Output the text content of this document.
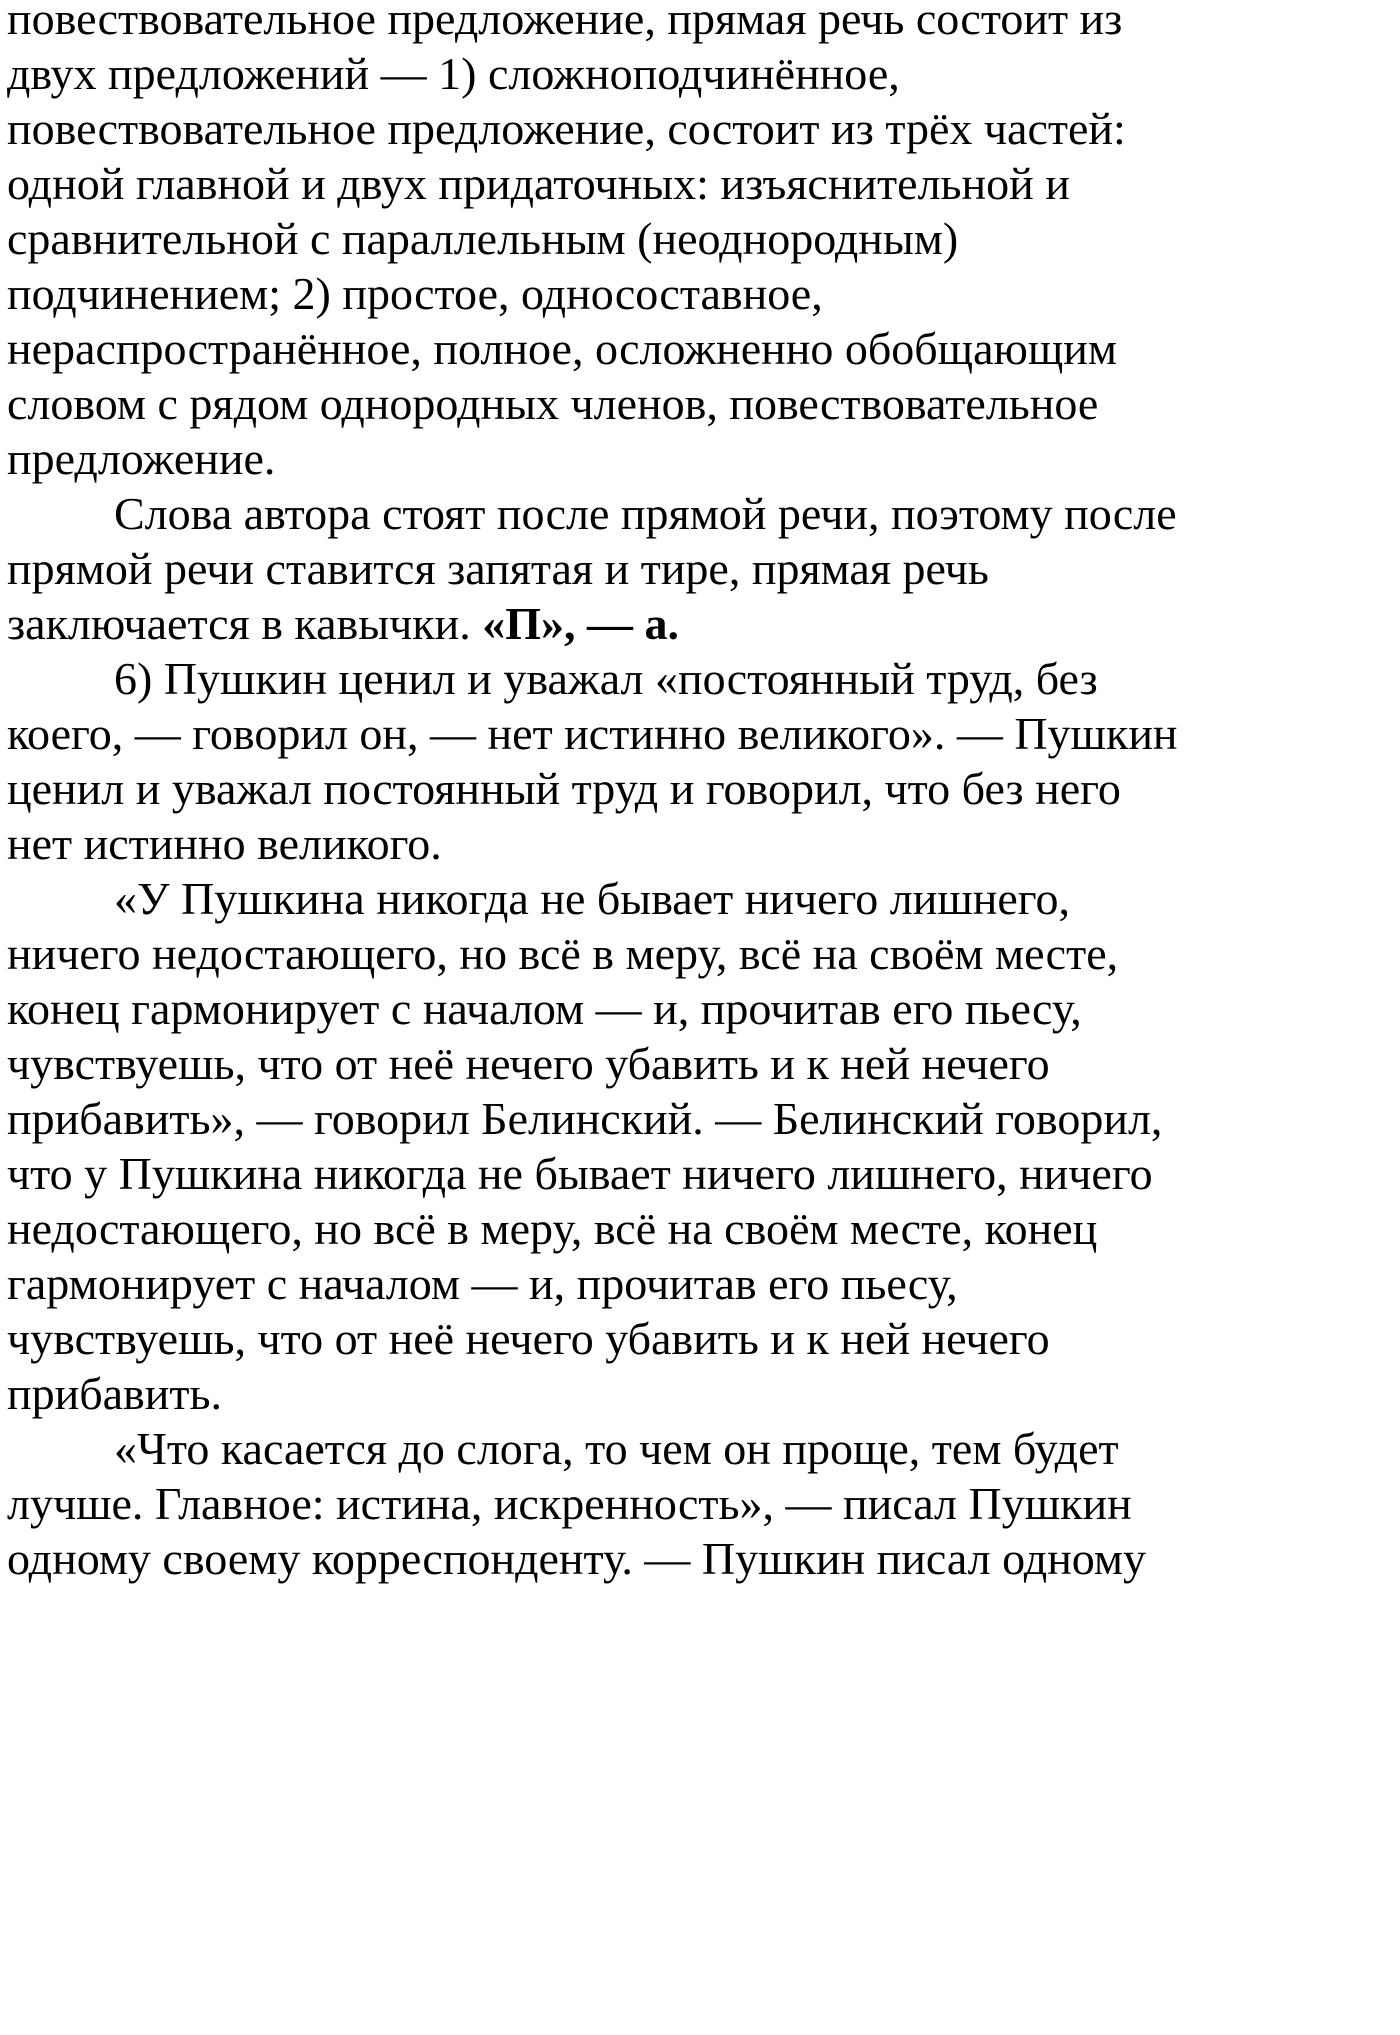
повествовательное предложение, прямая речь состоит из
двух предложений — 1) сложноподчинённое,
повествовательное предложение, состоит из трёх частей:
одной главной и двух придаточных: изъяснительной и
сравнительной с параллельным (неоднородным)
подчинением; 2) простое, односоставное,
нераспространённое, полное, осложненно обобщающим
словом с рядом однородных членов, повествовательное
предложение.
Слова автора стоят после прямой речи, поэтому после
прямой речи ставится запятая и тире, прямая речь
заключается в кавычки. «П», — а.
6) Пушкин ценил и уважал «постоянный труд, без
коего, — говорил он, — нет истинно великого». — Пушкин
ценил и уважал постоянный труд и говорил, что без него
нет истинно великого.
«У Пушкина никогда не бывает ничего лишнего,
ничего недостающего, но всё в меру, всё на своём месте,
конец гармонирует с началом — и, прочитав его пьесу,
чувствуешь, что от неё нечего убавить и к ней нечего
прибавить», — говорил Белинский. — Белинский говорил,
что у Пушкина никогда не бывает ничего лишнего, ничего
недостающего, но всё в меру, всё на своём месте, конец
гармонирует с началом — и, прочитав его пьесу,
чувствуешь, что от неё нечего убавить и к ней нечего
прибавить.
«Что касается до слога, то чем он проще, тем будет
лучше. Главное: истина, искренность», — писал Пушкин
одному своему корреспонденту. — Пушкин писал одному
